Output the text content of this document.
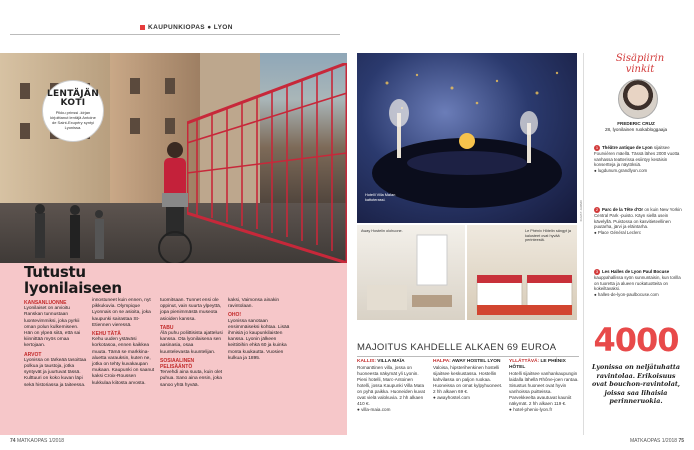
KAUPUNKIOPAS ● LYON
LENTÄJÄN KOTI
Pikku prinssi -kirjan kirjoittanut lentäjä Antoine de Saint-Exupéry syntyi Lyonissa.
Tutustu
lyonilaiseen
KANSANLUONNE
Lyonilaiset on arvioitu Ranskan tunnustaan luontevimmiksi, joka pyrkii oman polun kulkemiseen. Hän on ylpeä siitä, että sai kiinnittää myös omaa kertojaan.
ARVOT
Lyonissa on tärkeää tasoittaa polkua ja taustoja, jotka syntyvät ja juurtuvat tässä. Kulttuuri on koko kuvan läpi sekä historiassa ja taiteessa.
innostuneet kuin ennen, nyt pikkukuvia. Olympique Lyonnais on se asioita, joka kaupunki sairastaa St-Etiennen vieressä.
KEHU TÄTÄ
Kehu uuden ystäväsi korkotasoa, ennen kaikkea muuta. Tämä se markkina-aluetta varauksin, kuten ne, jotka on tehty kuvakaupan mukaan. Kaupunki on saanut kaksi Croix-Roussen kukkulaa kiitosta arvosta.
tuomitsaan. Tunnet ensi ole oppinut, vain suurta ylpeyttä, jopa pienimmästä museota asioiden kanssa.
TABU
Älä puhu poliittisista ajattelusi kanssa. Ota lyonilaisena sen aasinasia, osaa kuuntelevasta kuuntelijan.
SOSIAALINEN PELISÄÄNTÖ
Tervehdi aina suuta, kuin olet puhua. Sano aina ensin, joka sanoo yhtä hyvää.
kaksi, Vaimonsa ainakin ravintolaan.
OHO!
Lyonissa sanotaan ensimmäiseksi kohtaa. Lisää ihmisiä jo kaupunkilaisten kanssa. Lyonin jälkeen keittiöihin ehkä 60 ja kuinka monta kuukautta. Vuosien kulkua ja 1895.
74 MATKAOPAS 1/2018
Hotelli Villa Maïan kattoterassi.
Away Hostelin olohuone.	Le Phénix Hôtelin sängyt ja kalusteet ovat hyvää perinteestä.
MAJOITUS KAHDELLE ALKAEN 69 EUROA
KALLIS: VILLA MAÏA
Romanttinen villa, jossa on huoneesta näkymät yli Lyonin. Pieni hotelli, Marc-Antoinen hotelli, jossa Kaupunki Villa Maïa on pyhä paikka. Huoneiden kuvat ovat vielä valokuvia. 2 hh alkaen 410 €.
● villa-maia.com
HALPA: AWAY HOSTEL LYON
Valoisa, hipsterihenkinen hostelli sijaitsee keskustassa. Hostellin kahvilassa on paljon ruokaa. Huoneissa on omat kylpyhuoneet. 2 hh alkaen 69 €.
● awayhostel.com
YLLÄTTÄVÄ: LE PHÉNIX HÔTEL
Hotelli sijaitsee vanhankaupungin laidalla lähellä Rhône-joen rantaa. Sisustus huoneet ovat hyvin vanhoissa puitteissa. Parvekkeelta avautuvat kauniit näkymät. 2 hh alkaen 119 €.
● hotel-phenix-lyon.fr
KUVAT: JARMO
Sisäpiirin vinkit
FREDERIC CRUZ
28, lyonilainen ruokabloggaaja
1 Théâtre antique de Lyon sijaitsee Fourvièren mäellä. Tässä lähes 2000 vuotta vanhassa teatterissa esiintyy kesäisin konsertteja ja näytöksiä.
● lugdunum.grandlyon.com
2 Parc de la Tête d'Or on kuin New Yorkin Central Park -puisto. Käyn siellä usein kävelyllä. Puistossa on kasvitieteellinen puutarha, järvi ja eläintarha.
● Place Général Leclerc
3 Les Halles de Lyon Paul Bocuse kauppahallissa syön sunnuntaisin, kun torilla on tuoretta ja alueen ruokatuotteita on kokeiltavaksi.
● halles-de-lyon-paulbocuse.com
4000
Lyonissa on neljätuhatta ravintolaa. Erikoisuus ovat bouchon-ravintolat, joissa saa lihaisia perinneruokia.
MATKAOPAS 1/2018 75
